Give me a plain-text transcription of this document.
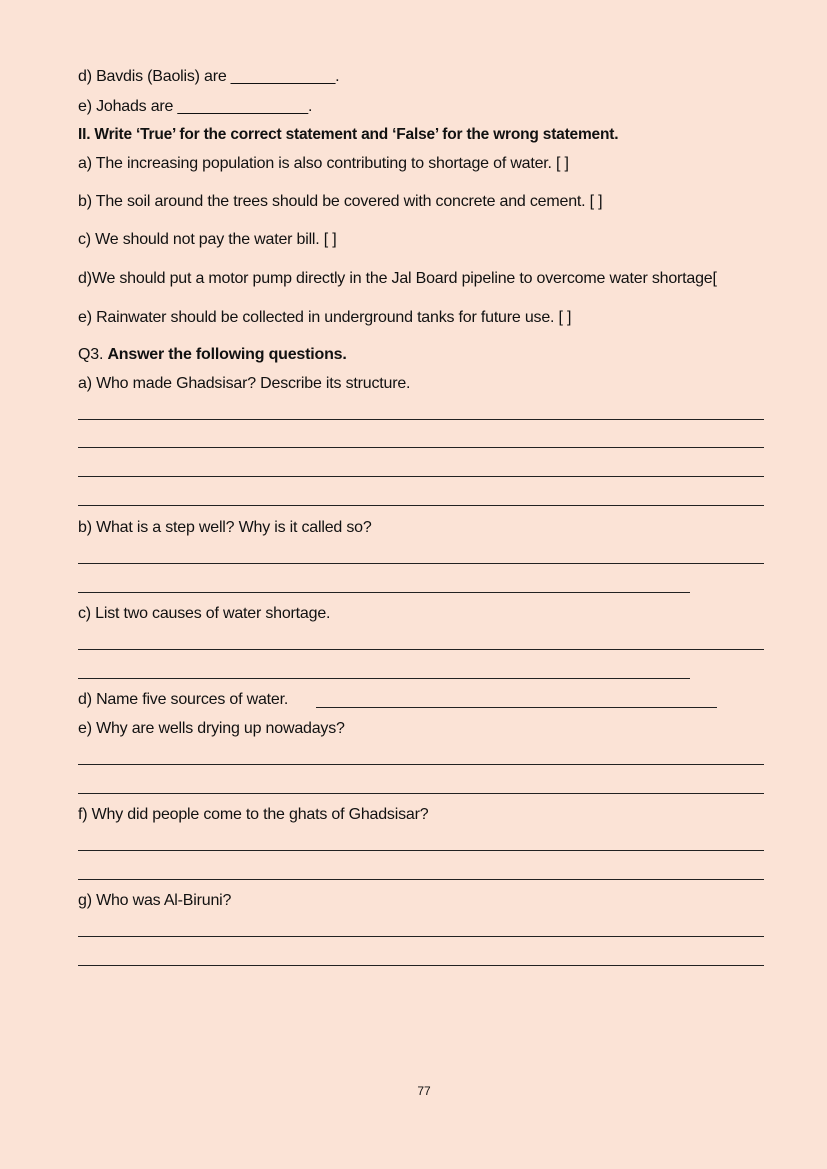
d) Bavdis (Baolis) are ____________.
e) Johads are _______________.
II. Write ‘True’ for the correct statement and ‘False’ for the wrong statement.
a) The increasing population is also contributing to shortage of water. [ ]
b) The soil around the trees should be covered with concrete and cement. [ ]
c) We should not pay the water bill. [ ]
d)We should put a motor pump directly in the Jal Board pipeline to overcome water shortage[
e) Rainwater should be collected in underground tanks for future use. [ ]
Q3. Answer the following questions.
a) Who made Ghadsisar? Describe its structure.
b) What is a step well? Why is it called so?
c) List two causes of water shortage.
d) Name five sources of water.
e) Why are wells drying up nowadays?
f) Why did people come to the ghats of Ghadsisar?
g) Who was Al-Biruni?
77
